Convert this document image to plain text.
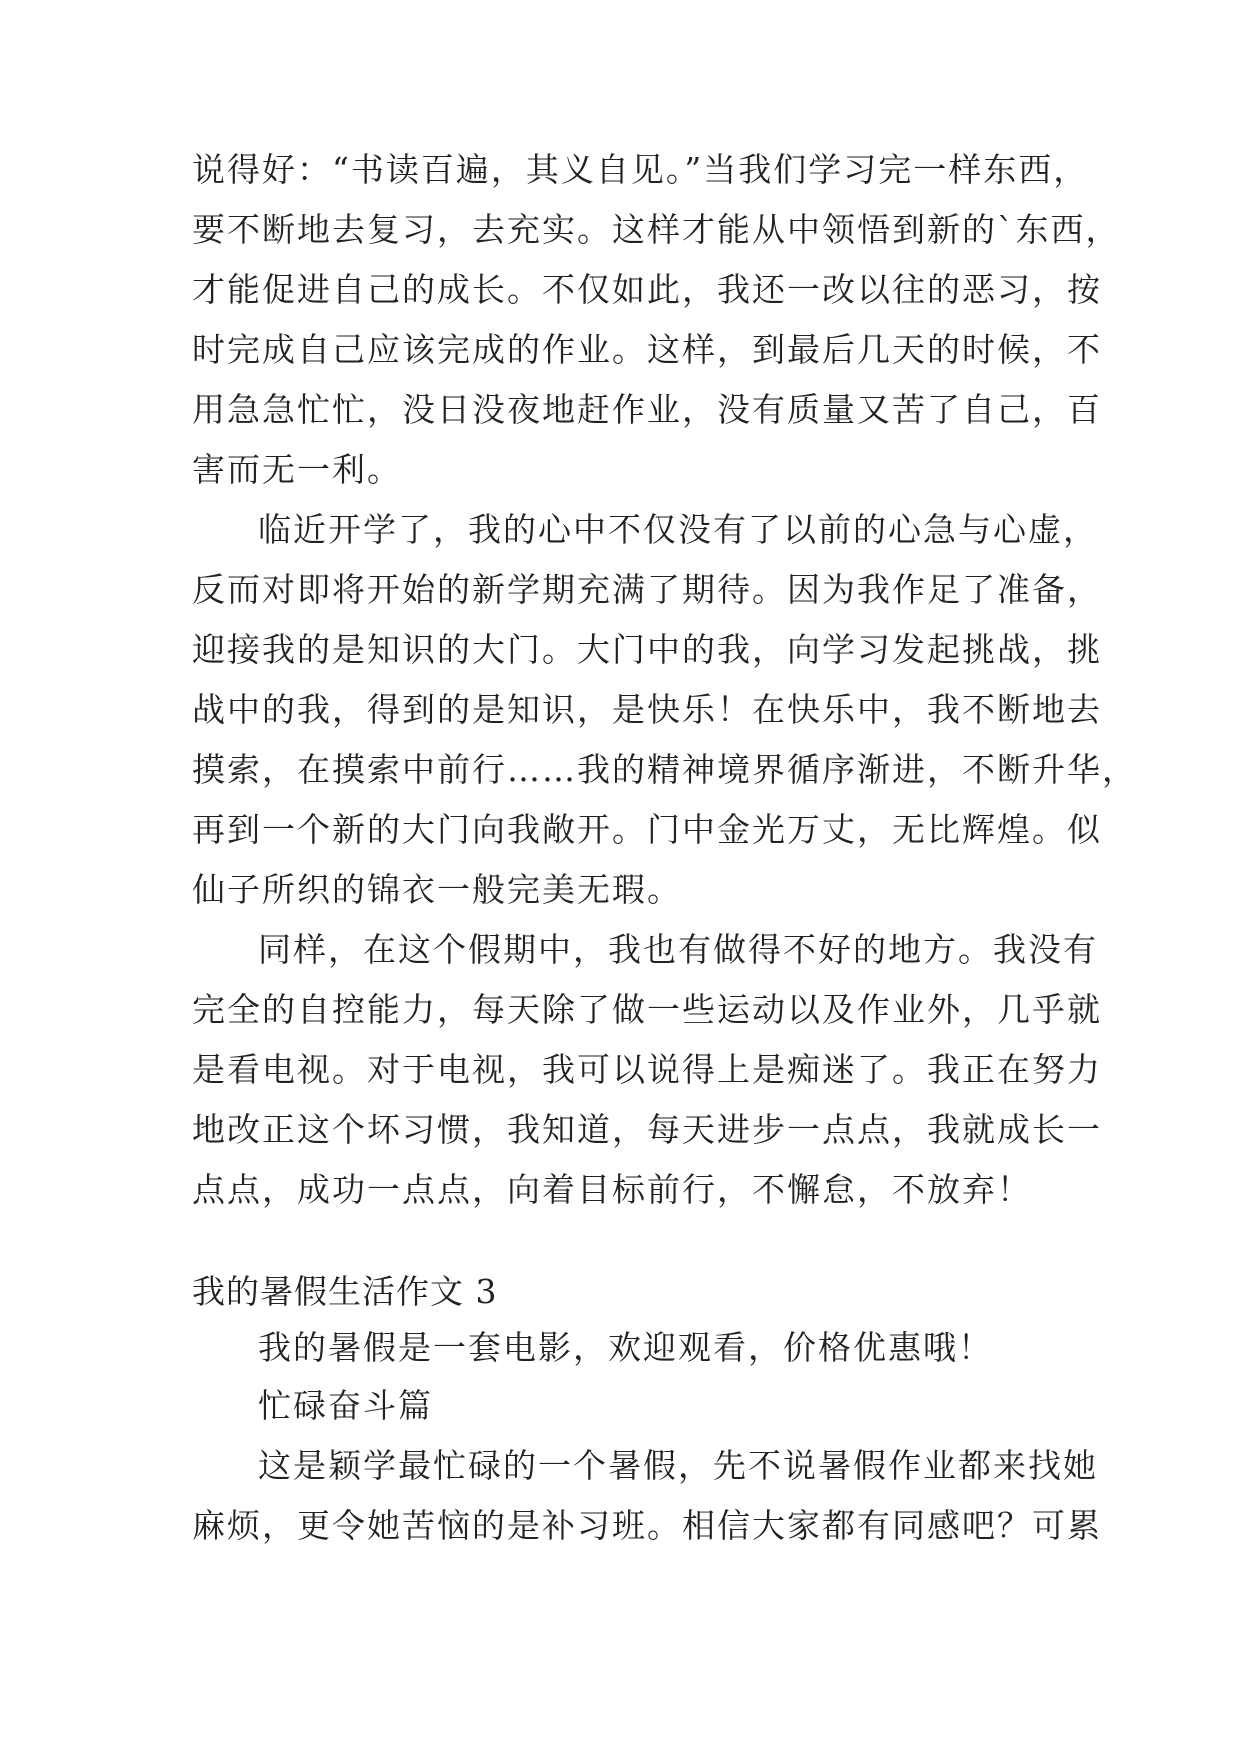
说得好：“书读百遍，其义自见。”当我们学习完一样东西，
要不断地去复习，去充实。这样才能从中领悟到新的`东西，
才能促进自己的成长。不仅如此，我还一改以往的恶习，按
时完成自己应该完成的作业。这样，到最后几天的时候，不
用急急忙忙，没日没夜地赶作业，没有质量又苦了自己，百
害而无一利。
临近开学了，我的心中不仅没有了以前的心急与心虚，
反而对即将开始的新学期充满了期待。因为我作足了准备，
迎接我的是知识的大门。大门中的我，向学习发起挑战，挑
战中的我，得到的是知识，是快乐！在快乐中，我不断地去
摸索，在摸索中前行……我的精神境界循序渐进，不断升华，
再到一个新的大门向我敞开。门中金光万丈，无比辉煌。似
仙子所织的锦衣一般完美无瑕。
同样，在这个假期中，我也有做得不好的地方。我没有
完全的自控能力，每天除了做一些运动以及作业外，几乎就
是看电视。对于电视，我可以说得上是痴迷了。我正在努力
地改正这个坏习惯，我知道，每天进步一点点，我就成长一
点点，成功一点点，向着目标前行，不懈怠，不放弃！
我的暑假生活作文 3
我的暑假是一套电影，欢迎观看，价格优惠哦！
忙碌奋斗篇
这是颖学最忙碌的一个暑假，先不说暑假作业都来找她
麻烦，更令她苦恼的是补习班。相信大家都有同感吧？可累
